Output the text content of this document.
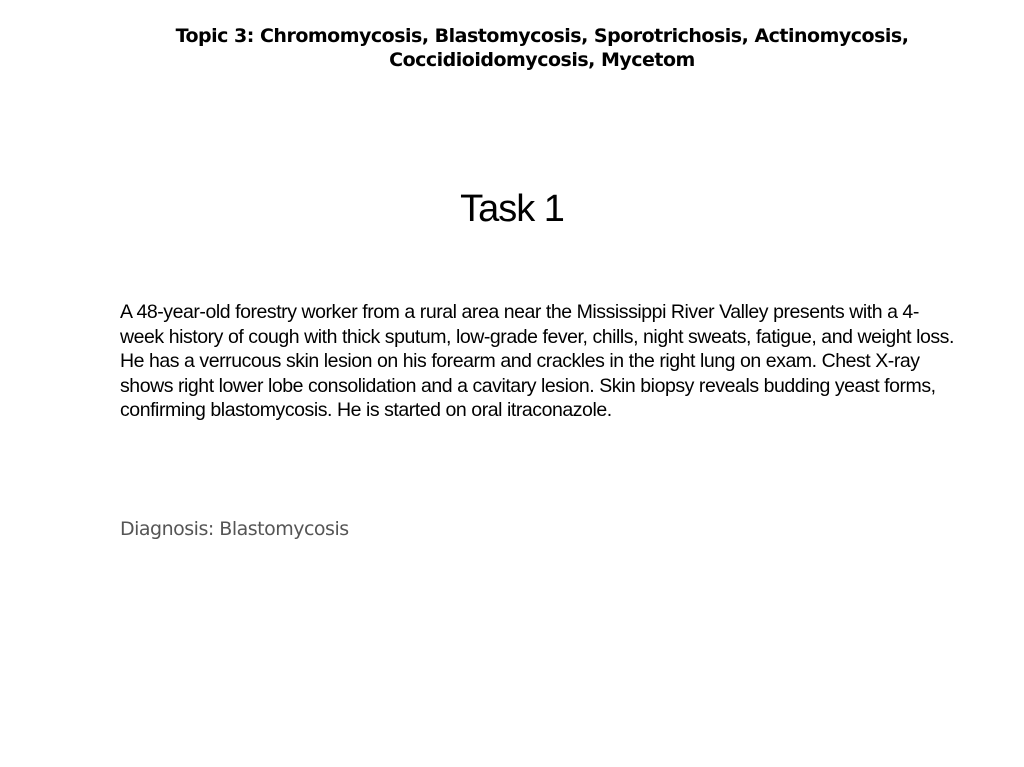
Topic 3: Chromomycosis, Blastomycosis, Sporotrichosis, Actinomycosis,
Coccidioidomycosis, Mycetom
Task 1
A 48-year-old forestry worker from a rural area near the Mississippi River Valley presents with a 4-week history of cough with thick sputum, low-grade fever, chills, night sweats, fatigue, and weight loss. He has a verrucous skin lesion on his forearm and crackles in the right lung on exam. Chest X-ray shows right lower lobe consolidation and a cavitary lesion. Skin biopsy reveals budding yeast forms, confirming blastomycosis. He is started on oral itraconazole.
Diagnosis: Blastomycosis
